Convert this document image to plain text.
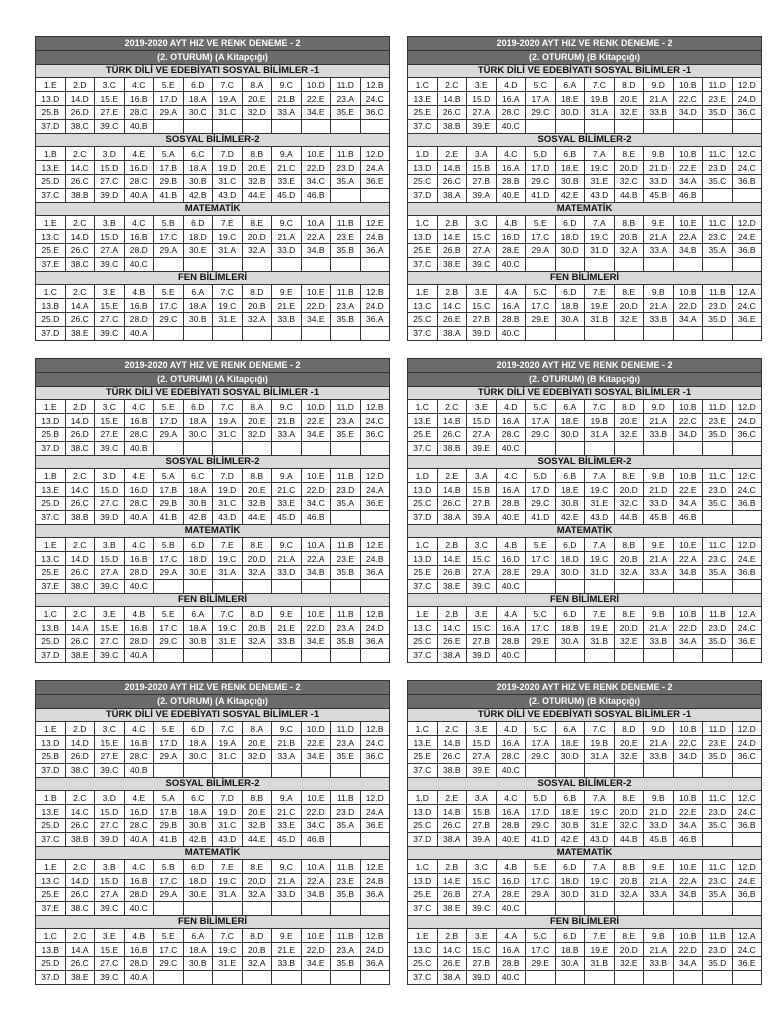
2019-2020 AYT HIZ VE RENK DENEME - 2											
(2. OTURUM) (A Kitapçığı)											
TÜRK DİLİ VE EDEBİYATI SOSYAL BİLİMLER -1											
1.E	2.D	3.C	4.C	5.E	6.D	7.C	8.A	9.C	10.D	11.D	12.B
13.D	14.D	15.E	16.B	17.D	18.A	19.A	20.E	21.B	22.E	23.A	24.C
25.B	26.D	27.E	28.C	29.A	30.C	31.C	32.D	33.A	34.E	35.E	36.C
37.D	38.C	39.C	40.B								
SOSYAL BİLİMLER-2											
1.B	2.C	3.D	4.E	5.A	6.C	7.D	8.B	9.A	10.E	11.B	12.D
13.E	14.C	15.D	16.D	17.B	18.A	19.D	20.E	21.C	22.D	23.D	24.A
25.D	26.C	27.C	28.C	29.B	30.B	31.C	32.B	33.E	34.C	35.A	36.E
37.C	38.B	39.D	40.A	41.B	42.B	43.D	44.E	45.D	46.B		
MATEMATİK											
1.E	2.C	3.B	4.C	5.B	6.D	7.E	8.E	9.C	10.A	11.B	12.E
13.C	14.D	15.D	16.B	17.C	18.D	19.C	20.D	21.A	22.A	23.E	24.B
25.E	26.C	27.A	28.D	29.A	30.E	31.A	32.A	33.D	34.B	35.B	36.A
37.E	38.C	39.C	40.C								
FEN BİLİMLERİ											
1.C	2.C	3.E	4.B	5.E	6.A	7.C	8.D	9.E	10.E	11.B	12.B
13.B	14.A	15.E	16.B	17.C	18.A	19.C	20.B	21.E	22.D	23.A	24.D
25.D	26.C	27.C	28.D	29.C	30.B	31.E	32.A	33.B	34.E	35.B	36.A
37.D	38.E	39.C	40.A								
2019-2020 AYT HIZ VE RENK DENEME - 2											
(2. OTURUM) (B Kitapçığı)											
TÜRK DİLİ VE EDEBİYATI SOSYAL BİLİMLER -1											
1.C	2.C	3.E	4.D	5.C	6.A	7.C	8.D	9.D	10.B	11.D	12.D
13.E	14.B	15.D	16.A	17.A	18.E	19.B	20.E	21.A	22.C	23.E	24.D
25.E	26.C	27.A	28.C	29.C	30.D	31.A	32.E	33.B	34.D	35.D	36.C
37.C	38.B	39.E	40.C								
SOSYAL BİLİMLER-2											
1.D	2.E	3.A	4.C	5.D	6.B	7.A	8.E	9.B	10.B	11.C	12.C
13.D	14.B	15.B	16.A	17.D	18.E	19.C	20.D	21.D	22.E	23.D	24.C
25.C	26.C	27.B	28.B	29.C	30.B	31.E	32.C	33.D	34.A	35.C	36.B
37.D	38.A	39.A	40.E	41.D	42.E	43.D	44.B	45.B	46.B		
MATEMATİK											
1.C	2.B	3.C	4.B	5.E	6.D	7.A	8.B	9.E	10.E	11.C	12.D
13.D	14.E	15.C	16.D	17.C	18.D	19.C	20.B	21.A	22.A	23.C	24.E
25.E	26.B	27.A	28.E	29.A	30.D	31.D	32.A	33.A	34.B	35.A	36.B
37.C	38.E	39.C	40.C								
FEN BİLİMLERİ											
1.E	2.B	3.E	4.A	5.C	6.D	7.E	8.E	9.B	10.B	11.B	12.A
13.C	14.C	15.C	16.A	17.C	18.B	19.E	20.D	21.A	22.D	23.D	24.C
25.C	26.E	27.B	28.B	29.E	30.A	31.B	32.E	33.B	34.A	35.D	36.E
37.C	38.A	39.D	40.C								
2019-2020 AYT HIZ VE RENK DENEME - 2											
(2. OTURUM) (A Kitapçığı)											
TÜRK DİLİ VE EDEBİYATI SOSYAL BİLİMLER -1											
1.E	2.D	3.C	4.C	5.E	6.D	7.C	8.A	9.C	10.D	11.D	12.B
13.D	14.D	15.E	16.B	17.D	18.A	19.A	20.E	21.B	22.E	23.A	24.C
25.B	26.D	27.E	28.C	29.A	30.C	31.C	32.D	33.A	34.E	35.E	36.C
37.D	38.C	39.C	40.B								
SOSYAL BİLİMLER-2											
1.B	2.C	3.D	4.E	5.A	6.C	7.D	8.B	9.A	10.E	11.B	12.D
13.E	14.C	15.D	16.D	17.B	18.A	19.D	20.E	21.C	22.D	23.D	24.A
25.D	26.C	27.C	28.C	29.B	30.B	31.C	32.B	33.E	34.C	35.A	36.E
37.C	38.B	39.D	40.A	41.B	42.B	43.D	44.E	45.D	46.B		
MATEMATİK											
1.E	2.C	3.B	4.C	5.B	6.D	7.E	8.E	9.C	10.A	11.B	12.E
13.C	14.D	15.D	16.B	17.C	18.D	19.C	20.D	21.A	22.A	23.E	24.B
25.E	26.C	27.A	28.D	29.A	30.E	31.A	32.A	33.D	34.B	35.B	36.A
37.E	38.C	39.C	40.C								
FEN BİLİMLERİ											
1.C	2.C	3.E	4.B	5.E	6.A	7.C	8.D	9.E	10.E	11.B	12.B
13.B	14.A	15.E	16.B	17.C	18.A	19.C	20.B	21.E	22.D	23.A	24.D
25.D	26.C	27.C	28.D	29.C	30.B	31.E	32.A	33.B	34.E	35.B	36.A
37.D	38.E	39.C	40.A								
2019-2020 AYT HIZ VE RENK DENEME - 2											
(2. OTURUM) (B Kitapçığı)											
TÜRK DİLİ VE EDEBİYATI SOSYAL BİLİMLER -1											
1.C	2.C	3.E	4.D	5.C	6.A	7.C	8.D	9.D	10.B	11.D	12.D
13.E	14.B	15.D	16.A	17.A	18.E	19.B	20.E	21.A	22.C	23.E	24.D
25.E	26.C	27.A	28.C	29.C	30.D	31.A	32.E	33.B	34.D	35.D	36.C
37.C	38.B	39.E	40.C								
SOSYAL BİLİMLER-2											
1.D	2.E	3.A	4.C	5.D	6.B	7.A	8.E	9.B	10.B	11.C	12.C
13.D	14.B	15.B	16.A	17.D	18.E	19.C	20.D	21.D	22.E	23.D	24.C
25.C	26.C	27.B	28.B	29.C	30.B	31.E	32.C	33.D	34.A	35.C	36.B
37.D	38.A	39.A	40.E	41.D	42.E	43.D	44.B	45.B	46.B		
MATEMATİK											
1.C	2.B	3.C	4.B	5.E	6.D	7.A	8.B	9.E	10.E	11.C	12.D
13.D	14.E	15.C	16.D	17.C	18.D	19.C	20.B	21.A	22.A	23.C	24.E
25.E	26.B	27.A	28.E	29.A	30.D	31.D	32.A	33.A	34.B	35.A	36.B
37.C	38.E	39.C	40.C								
FEN BİLİMLERİ											
1.E	2.B	3.E	4.A	5.C	6.D	7.E	8.E	9.B	10.B	11.B	12.A
13.C	14.C	15.C	16.A	17.C	18.B	19.E	20.D	21.A	22.D	23.D	24.C
25.C	26.E	27.B	28.B	29.E	30.A	31.B	32.E	33.B	34.A	35.D	36.E
37.C	38.A	39.D	40.C								
2019-2020 AYT HIZ VE RENK DENEME - 2											
(2. OTURUM) (A Kitapçığı)											
TÜRK DİLİ VE EDEBİYATI SOSYAL BİLİMLER -1											
1.E	2.D	3.C	4.C	5.E	6.D	7.C	8.A	9.C	10.D	11.D	12.B
13.D	14.D	15.E	16.B	17.D	18.A	19.A	20.E	21.B	22.E	23.A	24.C
25.B	26.D	27.E	28.C	29.A	30.C	31.C	32.D	33.A	34.E	35.E	36.C
37.D	38.C	39.C	40.B								
SOSYAL BİLİMLER-2											
1.B	2.C	3.D	4.E	5.A	6.C	7.D	8.B	9.A	10.E	11.B	12.D
13.E	14.C	15.D	16.D	17.B	18.A	19.D	20.E	21.C	22.D	23.D	24.A
25.D	26.C	27.C	28.C	29.B	30.B	31.C	32.B	33.E	34.C	35.A	36.E
37.C	38.B	39.D	40.A	41.B	42.B	43.D	44.E	45.D	46.B		
MATEMATİK											
1.E	2.C	3.B	4.C	5.B	6.D	7.E	8.E	9.C	10.A	11.B	12.E
13.C	14.D	15.D	16.B	17.C	18.D	19.C	20.D	21.A	22.A	23.E	24.B
25.E	26.C	27.A	28.D	29.A	30.E	31.A	32.A	33.D	34.B	35.B	36.A
37.E	38.C	39.C	40.C								
FEN BİLİMLERİ											
1.C	2.C	3.E	4.B	5.E	6.A	7.C	8.D	9.E	10.E	11.B	12.B
13.B	14.A	15.E	16.B	17.C	18.A	19.C	20.B	21.E	22.D	23.A	24.D
25.D	26.C	27.C	28.D	29.C	30.B	31.E	32.A	33.B	34.E	35.B	36.A
37.D	38.E	39.C	40.A								
2019-2020 AYT HIZ VE RENK DENEME - 2											
(2. OTURUM) (B Kitapçığı)											
TÜRK DİLİ VE EDEBİYATI SOSYAL BİLİMLER -1											
1.C	2.C	3.E	4.D	5.C	6.A	7.C	8.D	9.D	10.B	11.D	12.D
13.E	14.B	15.D	16.A	17.A	18.E	19.B	20.E	21.A	22.C	23.E	24.D
25.E	26.C	27.A	28.C	29.C	30.D	31.A	32.E	33.B	34.D	35.D	36.C
37.C	38.B	39.E	40.C								
SOSYAL BİLİMLER-2											
1.D	2.E	3.A	4.C	5.D	6.B	7.A	8.E	9.B	10.B	11.C	12.C
13.D	14.B	15.B	16.A	17.D	18.E	19.C	20.D	21.D	22.E	23.D	24.C
25.C	26.C	27.B	28.B	29.C	30.B	31.E	32.C	33.D	34.A	35.C	36.B
37.D	38.A	39.A	40.E	41.D	42.E	43.D	44.B	45.B	46.B		
MATEMATİK											
1.C	2.B	3.C	4.B	5.E	6.D	7.A	8.B	9.E	10.E	11.C	12.D
13.D	14.E	15.C	16.D	17.C	18.D	19.C	20.B	21.A	22.A	23.C	24.E
25.E	26.B	27.A	28.E	29.A	30.D	31.D	32.A	33.A	34.B	35.A	36.B
37.C	38.E	39.C	40.C								
FEN BİLİMLERİ											
1.E	2.B	3.E	4.A	5.C	6.D	7.E	8.E	9.B	10.B	11.B	12.A
13.C	14.C	15.C	16.A	17.C	18.B	19.E	20.D	21.A	22.D	23.D	24.C
25.C	26.E	27.B	28.B	29.E	30.A	31.B	32.E	33.B	34.A	35.D	36.E
37.C	38.A	39.D	40.C								
